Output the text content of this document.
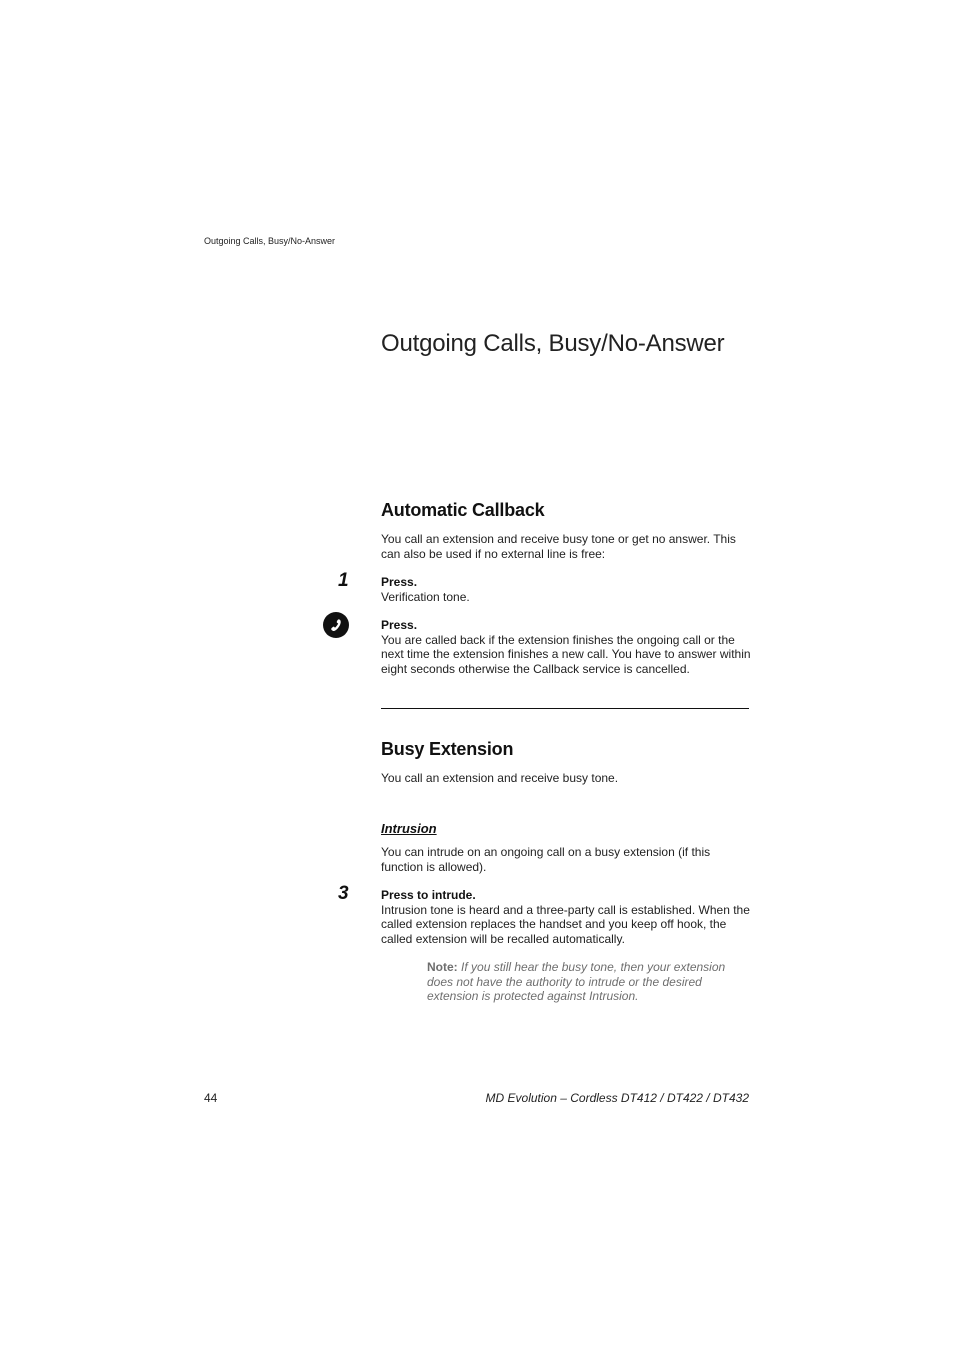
Outgoing Calls, Busy/No-Answer
Outgoing Calls, Busy/No-Answer
Automatic Callback
You call an extension and receive busy tone or get no answer. This can also be used if no external line is free:
1	Press.
Verification tone.
Press.
You are called back if the extension finishes the ongoing call or the next time the extension finishes a new call. You have to answer within eight seconds otherwise the Callback service is cancelled.
Busy Extension
You call an extension and receive busy tone.
Intrusion
You can intrude on an ongoing call on a busy extension (if this function is allowed).
3	Press to intrude.
Intrusion tone is heard and a three-party call is established. When the called extension replaces the handset and you keep off hook, the called extension will be recalled automatically.
Note: If you still hear the busy tone, then your extension does not have the authority to intrude or the desired extension is protected against Intrusion.
44	MD Evolution – Cordless DT412 / DT422 / DT432
